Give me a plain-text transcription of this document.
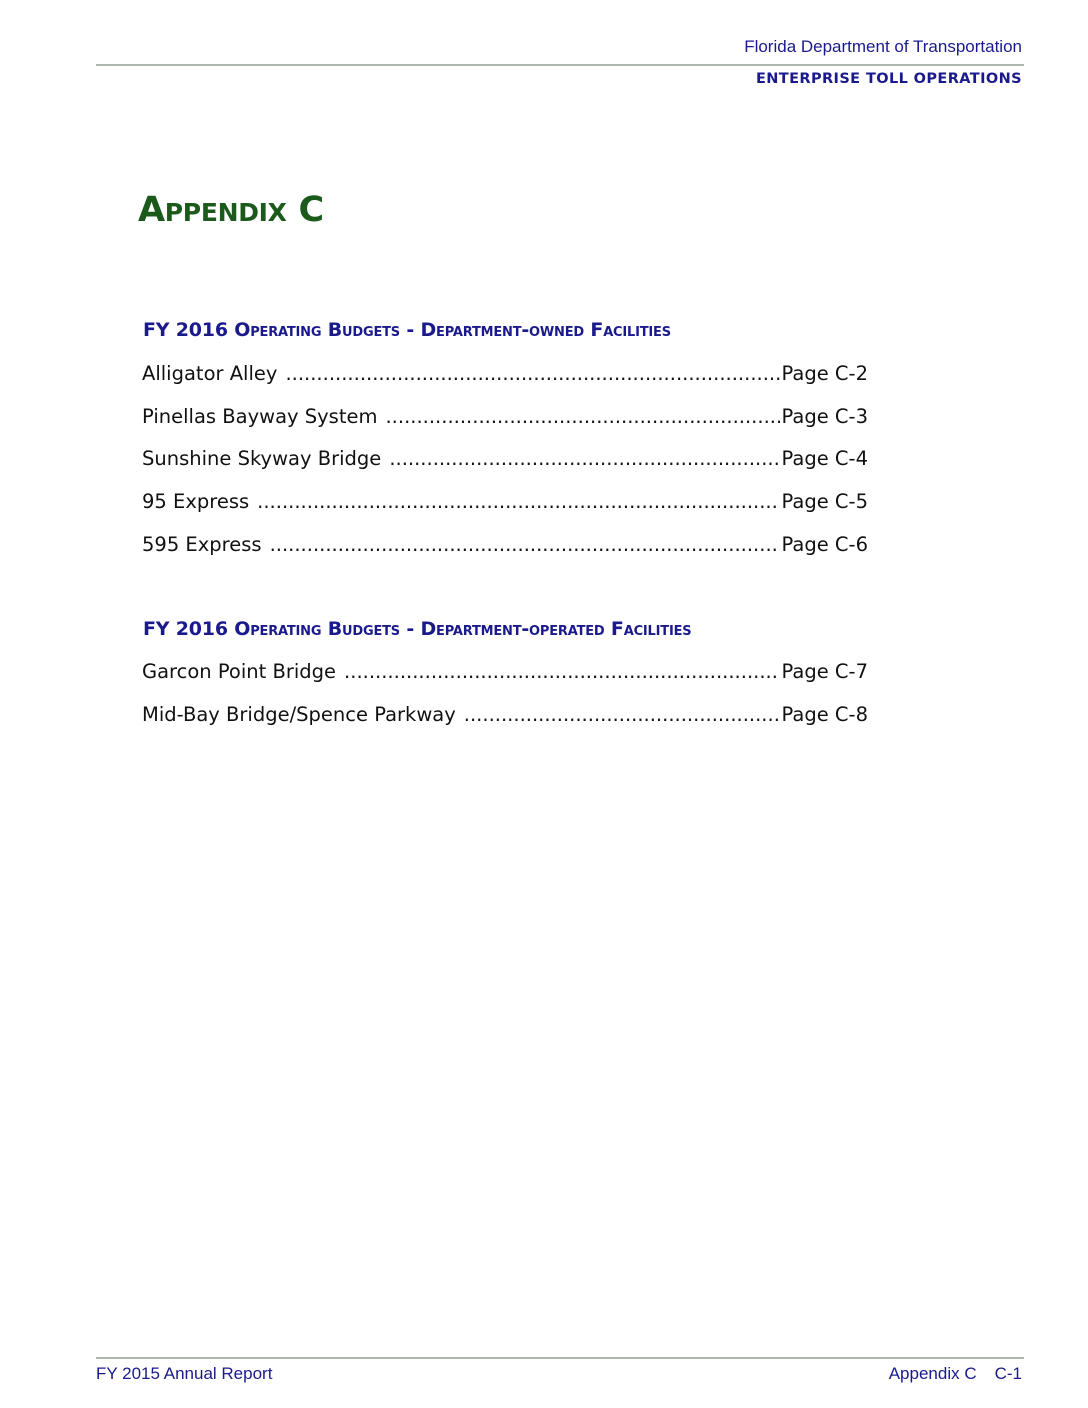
Florida Department of Transportation
ENTERPRISE TOLL OPERATIONS
Appendix C
FY 2016 Operating Budgets - Department-owned Facilities
Alligator Alley .....	Page C-2
Pinellas Bayway System .....	Page C-3
Sunshine Skyway Bridge .....	Page C-4
95 Express .....	Page C-5
595 Express .....	Page C-6
FY 2016 Operating Budgets - Department-operated Facilities
Garcon Point Bridge .....	Page C-7
Mid-Bay Bridge/Spence Parkway .....	Page C-8
FY 2015 Annual Report	Appendix C C-1
